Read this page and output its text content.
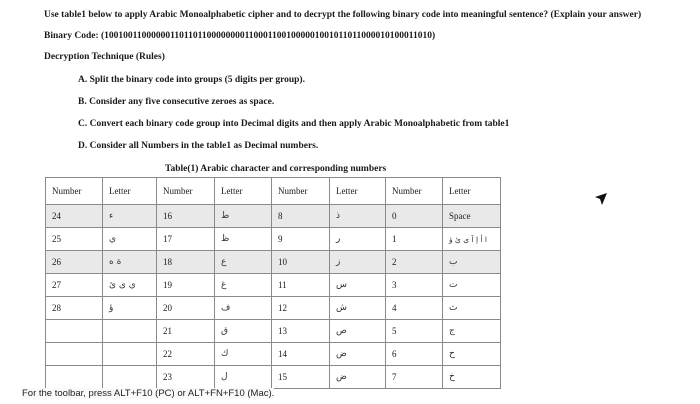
Use table1 below to apply Arabic Monoalphabetic cipher and to decrypt the following binary code into meaningful sentence? (Explain your answer)
Binary Code: (1001001100000011011011000000001100011001000001001011011000010100011010)
Decryption Technique (Rules)
A. Split the binary code into groups (5 digits per group).
B. Consider any five consecutive zeroes as space.
C. Convert each binary code group into Decimal digits and then apply Arabic Monoalphabetic from table1
D. Consider all Numbers in the table1 as Decimal numbers.
Table(1) Arabic character and corresponding numbers
Number	Letter	Number	Letter	Number	Letter	Number	Letter
24	ء	16	ط	8	ذ	0	Space
25	ي	17	ظ	9	ر	1	ا أ إ آ ى ئ ؤ
26	ة ه	18	ع	10	ز	2	ب
27	ي ى ئ	19	غ	11	س	3	ت
28	ؤ	20	ف	12	ش	4	ث
		21	ق	13	ص	5	ج
		22	ك	14	ض	6	ح
		23	ل	15	ض	7	خ
For the toolbar, press ALT+F10 (PC) or ALT+FN+F10 (Mac).
